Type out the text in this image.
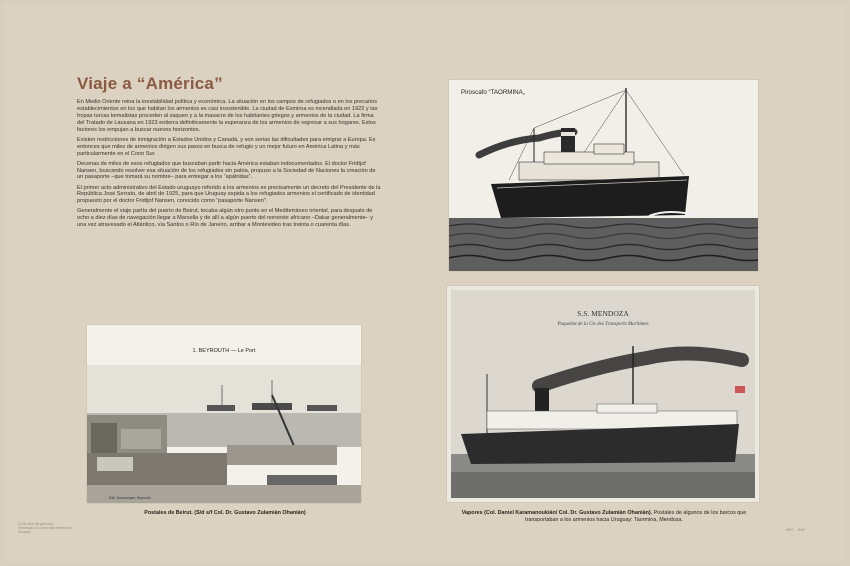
Viaje a “América”

En Medio Oriente reina la inestabilidad política y económica. La situación en los campos de refugiados o en los precarios establecimientos en los que habitan los armenios es casi insostenible. La ciudad de Esmirna es incendiada en 1922 y las tropas turcas kemalistas proceden al saqueo y a la masacre de los habitantes griegos y armenios de la ciudad. La firma del Tratado de Lausana en 1923 entierra definitivamente la esperanza de los armenios de regresar a sus hogares. Estos factores los empujan a buscar nuevos horizontes.

Existen restricciones de inmigración a Estados Unidos y Canadá, y son serias las dificultades para emigrar a Europa. Es entonces que miles de armenios dirigen sus pasos en busca de refugio y un mejor futuro en América Latina y más particularmente en el Cono Sur.

Decenas de miles de esos refugiados que buscaban partir hacia América estaban indocumentados. El doctor Fridtjof Nansen, buscando resolver esa situación de los refugiados sin patria, propuso a la Sociedad de Naciones la creación de un pasaporte –que tomará su nombre– para entregar a los “apátridas”.

El primer acto administrativo del Estado uruguayo referido a los armenios es precisamente un decreto del Presidente de la República José Serrato, de abril de 1925, para que Uruguay expida a los refugiados armenios el certificado de identidad propuesto por el doctor Fridtjof Nansen, conocido como “pasaporte Nansen”.

Generalmente el viaje partía del puerto de Beirut, tocaba algún otro punto en el Mediterráneo oriental, para después de ocho a diez días de navegación llegar a Marsella y de allí a algún puerto del noroeste africano –Dakar generalmente– y una vez atravesado el Atlántico, vía Santos o Río de Janeiro, arribar a Montevideo tras treinta o cuarenta días.

Piroscafo “TAORMINA„
S.S. MENDOZA
Paquebot de la Cie des Transports Maritimes
1. BEYROUTH — Le Port
Edit. Dourtamyan, Beyrouth
Postales de Beirut. (S/d s/f Col. Dr. Gustavo Zulamián Ohanián)	Vapores (Col. Daniel Karamanoukián/ Col. Dr. Gustavo Zulamián Ohanián). Postales de algunos de los barcos que transportaban a los armenios hacia Uruguay: Taormina, Mendoza.
A 100 años del genocidio
Homenaje a la comunidad armenia en Uruguay	MEC IMM
